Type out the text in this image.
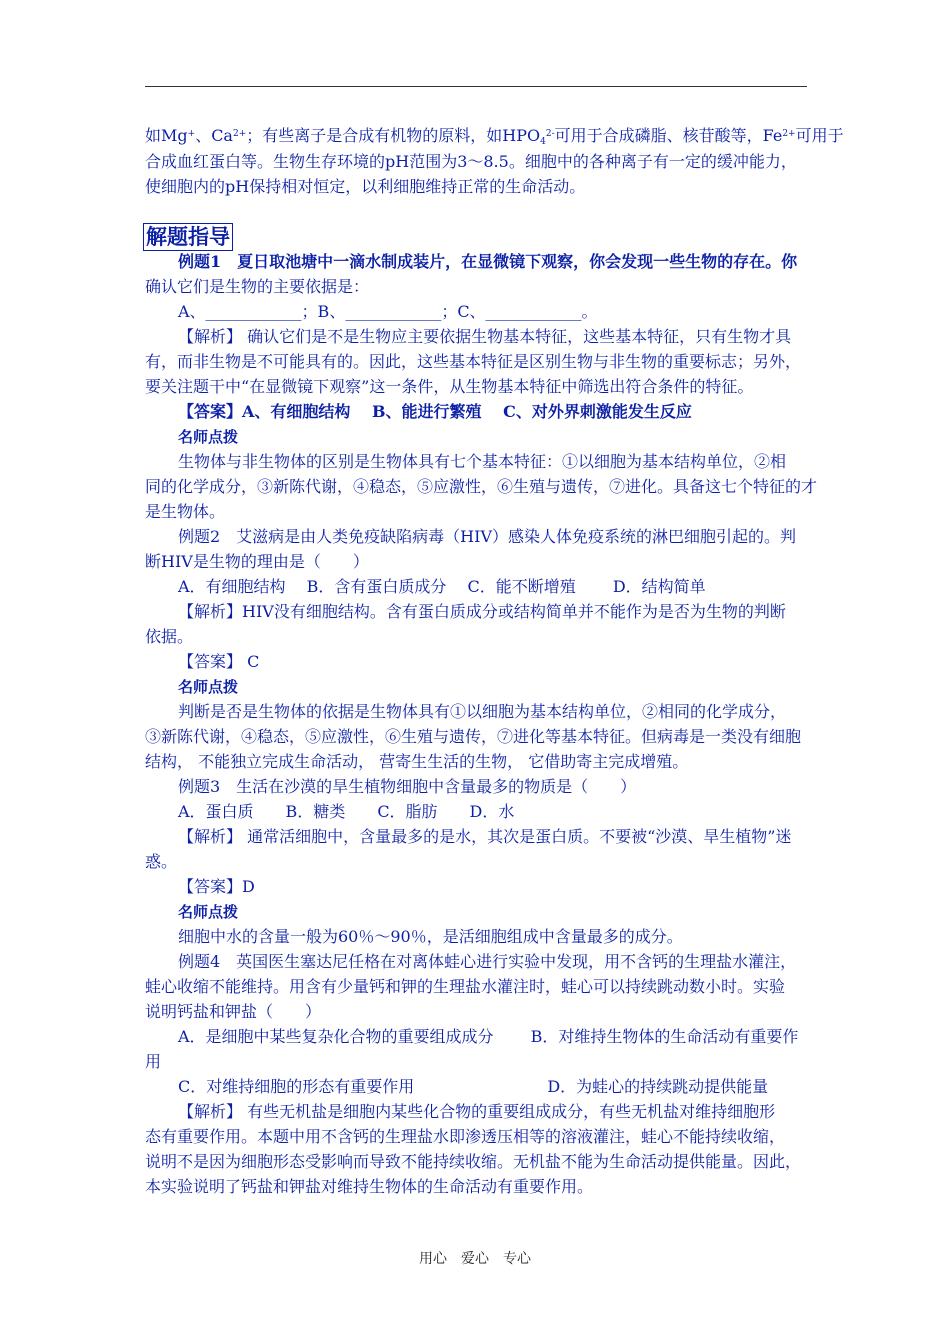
如Mg+、$Ca^{2+}$；有些离子是合成有机物的原料，如$HPO_4^{2-}$可用于合成磷脂、核苷酸等，$Fe^{2+}$可用于
合成血红蛋白等。生物生存环境的pH范围为3～8.5。细胞中的各种离子有一定的缓冲能力，
使细胞内的pH保持相对恒定，以利细胞维持正常的生命活动。
解题指导
例题1　夏日取池塘中一滴水制成装片，在显微镜下观察，你会发现一些生物的存在。你
确认它们是生物的主要依据是：
A、____________；B、____________；C、____________。
【解析】 确认它们是不是生物应主要依据生物基本特征，这些基本特征，只有生物才具
有，而非生物是不可能具有的。因此，这些基本特征是区别生物与非生物的重要标志；另外，
要关注题干中“在显微镜下观察”这一条件，从生物基本特征中筛选出符合条件的特征。
【答案】A、有细胞结构　 B、能进行繁殖　 C、对外界刺激能发生反应
名师点拨
生物体与非生物体的区别是生物体具有七个基本特征：①以细胞为基本结构单位，②相
同的化学成分，③新陈代谢，④稳态，⑤应激性，⑥生殖与遗传，⑦进化。具备这七个特征的才
是生物体。
例题2　艾滋病是由人类免疫缺陷病毒（HIV）感染人体免疫系统的淋巴细胞引起的。判
断HIV是生物的理由是（　　）
A．有细胞结构　 B．含有蛋白质成分　 C．能不断增殖　　 D．结构简单
【解析】HIV没有细胞结构。含有蛋白质成分或结构简单并不能作为是否为生物的判断
依据。
【答案】 C
名师点拨
判断是否是生物体的依据是生物体具有①以细胞为基本结构单位，②相同的化学成分，
③新陈代谢，④稳态，⑤应激性，⑥生殖与遗传，⑦进化等基本特征。但病毒是一类没有细胞
结构， 不能独立完成生命活动， 营寄生生活的生物， 它借助寄主完成增殖。
例题3　生活在沙漠的旱生植物细胞中含量最多的物质是（　　）
A．蛋白质　　B．糖类　　C．脂肪　　D．水
【解析】 通常活细胞中，含量最多的是水，其次是蛋白质。不要被“沙漠、旱生植物”迷
惑。
【答案】D
名师点拨
细胞中水的含量一般为60％～90％，是活细胞组成中含量最多的成分。
例题4　英国医生塞达尼任格在对离体蛙心进行实验中发现，用不含钙的生理盐水灌注，
蛙心收缩不能维持。用含有少量钙和钾的生理盐水灌注时，蛙心可以持续跳动数小时。实验
说明钙盐和钾盐（　　）
A．是细胞中某些复杂化合物的重要组成成分　　 B．对维持生物体的生命活动有重要作
用
C．对维持细胞的形态有重要作用　　　　　　　　 D．为蛙心的持续跳动提供能量
【解析】 有些无机盐是细胞内某些化合物的重要组成成分，有些无机盐对维持细胞形
态有重要作用。本题中用不含钙的生理盐水即渗透压相等的溶液灌注，蛙心不能持续收缩，
说明不是因为细胞形态受影响而导致不能持续收缩。无机盐不能为生命活动提供能量。因此，
本实验说明了钙盐和钾盐对维持生物体的生命活动有重要作用。
用心　爱心　专心
